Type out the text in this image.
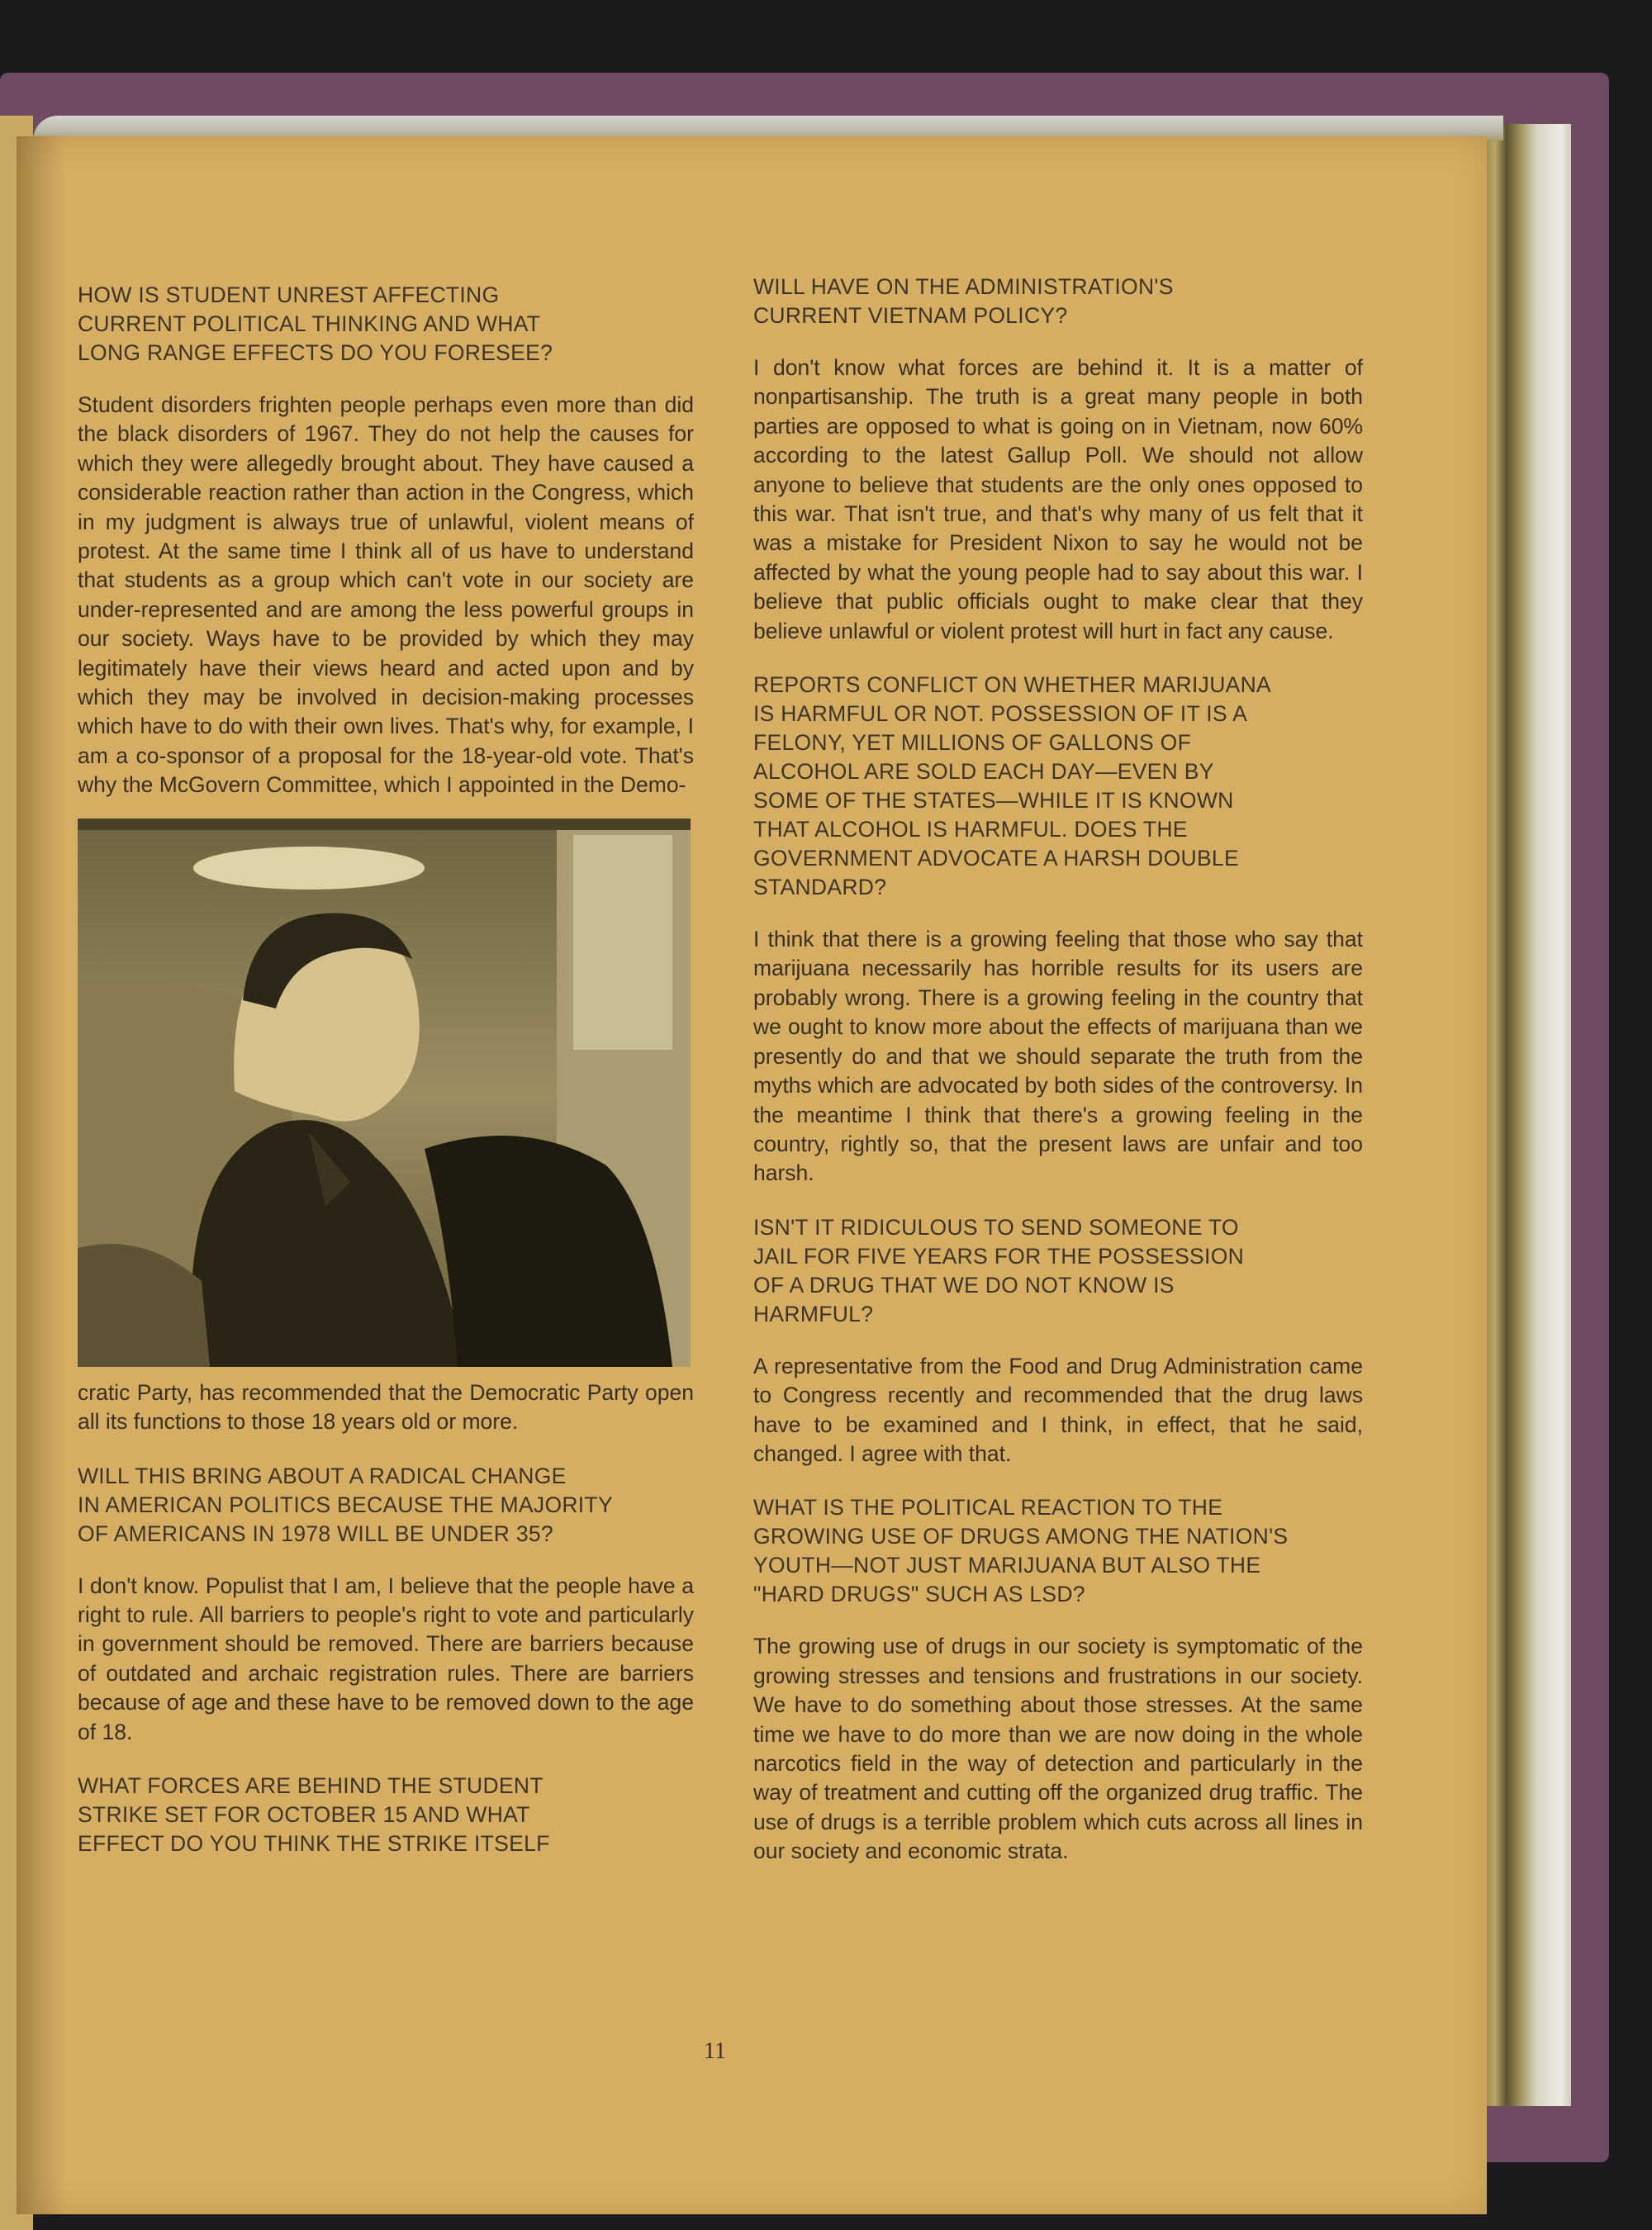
HOW IS STUDENT UNREST AFFECTING
CURRENT POLITICAL THINKING AND WHAT
LONG RANGE EFFECTS DO YOU FORESEE?

Student disorders frighten people perhaps even more than did the black disorders of 1967. They do not help the causes for which they were allegedly brought about. They have caused a considerable reaction rather than action in the Congress, which in my judgment is always true of unlawful, violent means of protest. At the same time I think all of us have to understand that students as a group which can't vote in our society are under-represented and are among the less powerful groups in our society. Ways have to be provided by which they may legitimately have their views heard and acted upon and by which they may be involved in decision-making processes which have to do with their own lives. That's why, for example, I am a co-sponsor of a proposal for the 18-year-old vote. That's why the McGovern Committee, which I appointed in the Demo-

cratic Party, has recommended that the Democratic Party open all its functions to those 18 years old or more.

WILL THIS BRING ABOUT A RADICAL CHANGE
IN AMERICAN POLITICS BECAUSE THE MAJORITY
OF AMERICANS IN 1978 WILL BE UNDER 35?

I don't know. Populist that I am, I believe that the people have a right to rule. All barriers to people's right to vote and particularly in government should be removed. There are barriers because of outdated and archaic registration rules. There are barriers because of age and these have to be removed down to the age of 18.

WHAT FORCES ARE BEHIND THE STUDENT
STRIKE SET FOR OCTOBER 15 AND WHAT
EFFECT DO YOU THINK THE STRIKE ITSELF

WILL HAVE ON THE ADMINISTRATION'S
CURRENT VIETNAM POLICY?

I don't know what forces are behind it. It is a matter of nonpartisanship. The truth is a great many people in both parties are opposed to what is going on in Vietnam, now 60% according to the latest Gallup Poll. We should not allow anyone to believe that students are the only ones opposed to this war. That isn't true, and that's why many of us felt that it was a mistake for President Nixon to say he would not be affected by what the young people had to say about this war. I believe that public officials ought to make clear that they believe unlawful or violent protest will hurt in fact any cause.

REPORTS CONFLICT ON WHETHER MARIJUANA
IS HARMFUL OR NOT. POSSESSION OF IT IS A
FELONY, YET MILLIONS OF GALLONS OF
ALCOHOL ARE SOLD EACH DAY—EVEN BY
SOME OF THE STATES—WHILE IT IS KNOWN
THAT ALCOHOL IS HARMFUL. DOES THE
GOVERNMENT ADVOCATE A HARSH DOUBLE
STANDARD?

I think that there is a growing feeling that those who say that marijuana necessarily has horrible results for its users are probably wrong. There is a growing feeling in the country that we ought to know more about the effects of marijuana than we presently do and that we should separate the truth from the myths which are advocated by both sides of the controversy. In the meantime I think that there's a growing feeling in the country, rightly so, that the present laws are unfair and too harsh.

ISN'T IT RIDICULOUS TO SEND SOMEONE TO
JAIL FOR FIVE YEARS FOR THE POSSESSION
OF A DRUG THAT WE DO NOT KNOW IS
HARMFUL?

A representative from the Food and Drug Administration came to Congress recently and recommended that the drug laws have to be examined and I think, in effect, that he said, changed. I agree with that.

WHAT IS THE POLITICAL REACTION TO THE
GROWING USE OF DRUGS AMONG THE NATION'S
YOUTH—NOT JUST MARIJUANA BUT ALSO THE
"HARD DRUGS" SUCH AS LSD?

The growing use of drugs in our society is symptomatic of the growing stresses and tensions and frustrations in our society. We have to do something about those stresses. At the same time we have to do more than we are now doing in the whole narcotics field in the way of detection and particularly in the way of treatment and cutting off the organized drug traffic. The use of drugs is a terrible problem which cuts across all lines in our society and economic strata.

11
